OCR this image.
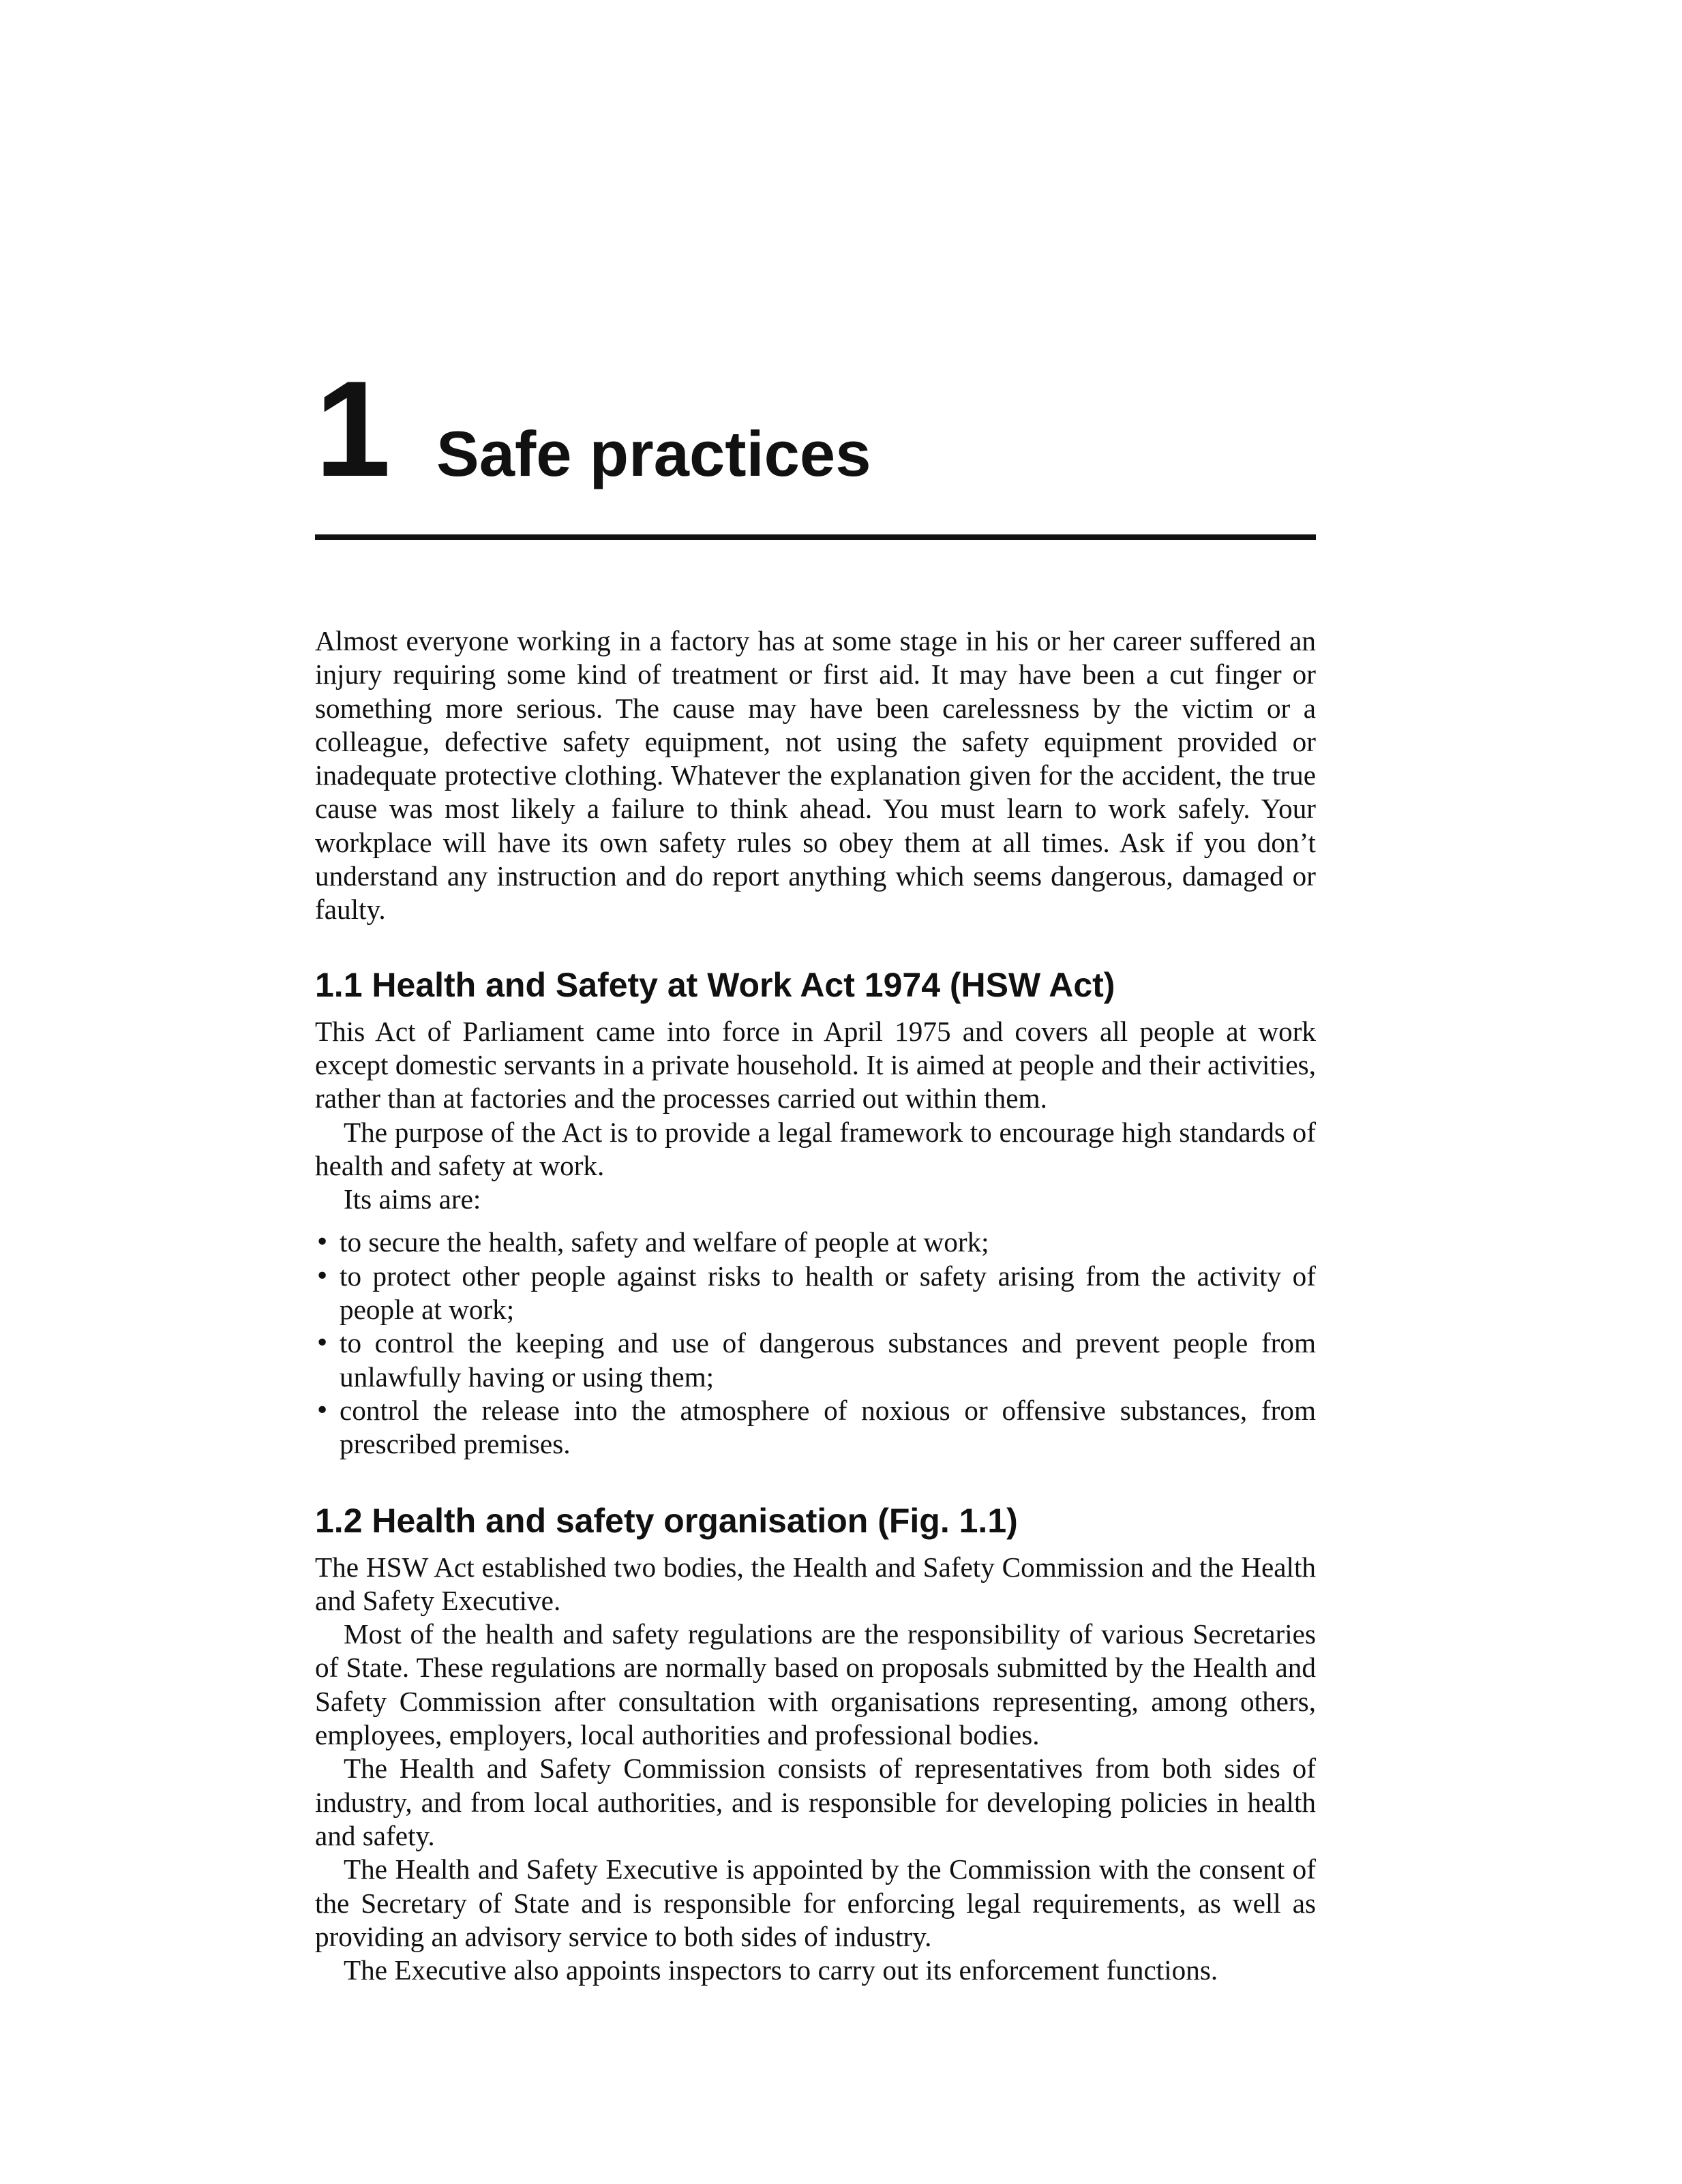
1 Safe practices

Almost everyone working in a factory has at some stage in his or her career suffered an injury requiring some kind of treatment or first aid. It may have been a cut finger or something more serious. The cause may have been carelessness by the victim or a colleague, defective safety equipment, not using the safety equipment provided or inadequate protective clothing. Whatever the explanation given for the accident, the true cause was most likely a failure to think ahead. You must learn to work safely. Your workplace will have its own safety rules so obey them at all times. Ask if you don’t understand any instruction and do report anything which seems dangerous, damaged or faulty.

1.1 Health and Safety at Work Act 1974 (HSW Act)

This Act of Parliament came into force in April 1975 and covers all people at work except domestic servants in a private household. It is aimed at people and their activities, rather than at factories and the processes carried out within them.

The purpose of the Act is to provide a legal framework to encourage high standards of health and safety at work.

Its aims are:

• to secure the health, safety and welfare of people at work;
• to protect other people against risks to health or safety arising from the activity of people at work;
• to control the keeping and use of dangerous substances and prevent people from unlawfully having or using them;
• control the release into the atmosphere of noxious or offensive substances, from prescribed premises.
1.2 Health and safety organisation (Fig. 1.1)

The HSW Act established two bodies, the Health and Safety Commission and the Health and Safety Executive.

Most of the health and safety regulations are the responsibility of various Secretaries of State. These regulations are normally based on proposals submitted by the Health and Safety Commission after consultation with organisations representing, among others, employees, employers, local authorities and professional bodies.

The Health and Safety Commission consists of representatives from both sides of industry, and from local authorities, and is responsible for developing policies in health and safety.

The Health and Safety Executive is appointed by the Commission with the consent of the Secretary of State and is responsible for enforcing legal requirements, as well as providing an advisory service to both sides of industry.

The Executive also appoints inspectors to carry out its enforcement functions.
